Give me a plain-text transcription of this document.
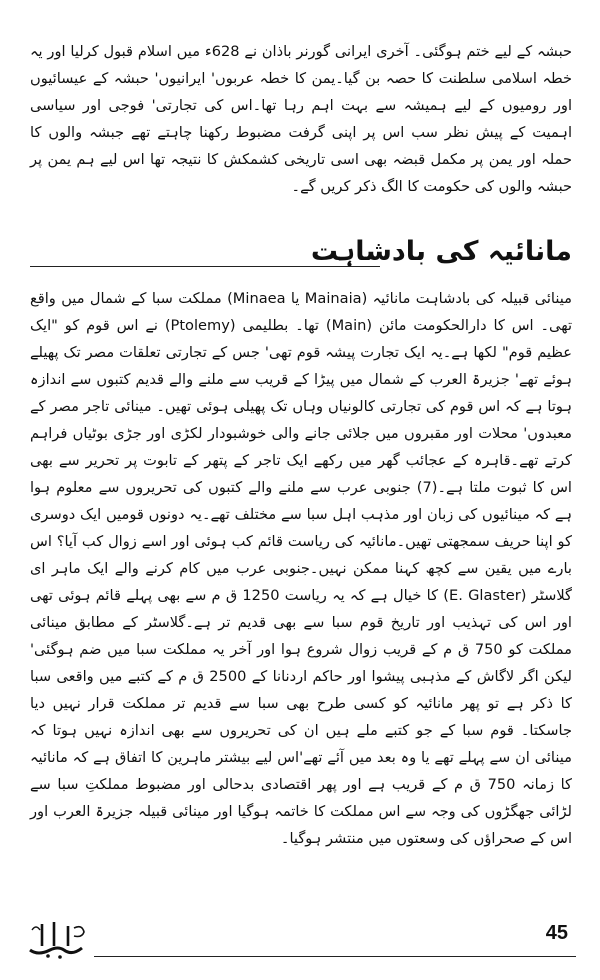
حبشہ کے لیے ختم ہوگئی۔ آخری ایرانی گورنر باذان نے 628ء میں اسلام قبول کرلیا اور یہ خطہ اسلامی سلطنت کا حصہ بن گیا۔یمن کا خطہ عربوں' ایرانیوں' حبشہ کے عیسائیوں اور رومیوں کے لیے ہمیشہ سے بہت اہم رہا تھا۔اس کی تجارتی' فوجی اور سیاسی اہمیت کے پیش نظر سب اس پر اپنی گرفت مضبوط رکھنا چاہتے تھے جبشہ والوں کا حملہ اور یمن پر مکمل قبضہ بھی اسی تاریخی کشمکش کا نتیجہ تھا اس لیے ہم یمن پر حبشہ والوں کی حکومت کا الگ ذکر کریں گے۔

مانائیہ کی بادشاہت

مینائی قبیلہ کی بادشاہت مانائیہ (Mainaia یا Minaea) مملکت سبا کے شمال میں واقع تھی۔ اس کا دارالحکومت مائن (Main) تھا۔ بطلیمی (Ptolemy) نے اس قوم کو "ایک عظیم قوم" لکھا ہے۔یہ ایک تجارت پیشہ قوم تھی' جس کے تجارتی تعلقات مصر تک پھیلے ہوئے تھے' جزیرۃ العرب کے شمال میں پیڑا کے قریب سے ملنے والے قدیم کتبوں سے اندازہ ہوتا ہے کہ اس قوم کی تجارتی کالونیاں وہاں تک پھیلی ہوئی تھیں۔ مینائی تاجر مصر کے معبدوں' محلات اور مقبروں میں جلائی جانے والی خوشبودار لکڑی اور جڑی بوٹیاں فراہم کرتے تھے۔قاہرہ کے عجائب گھر میں رکھے ایک تاجر کے پتھر کے تابوت پر تحریر سے بھی اس کا ثبوت ملتا ہے۔(7) جنوبی عرب سے ملنے والے کتبوں کی تحریروں سے معلوم ہوا ہے کہ مینائیوں کی زبان اور مذہب اہل سبا سے مختلف تھے۔یہ دونوں قومیں ایک دوسری کو اپنا حریف سمجھتی تھیں۔مانائیہ کی ریاست قائم کب ہوئی اور اسے زوال کب آیا؟ اس بارے میں یقین سے کچھ کہنا ممکن نہیں۔جنوبی عرب میں کام کرنے والے ایک ماہر ای گلاسٹر (E. Glaster) کا خیال ہے کہ یہ ریاست 1250 ق م سے بھی پہلے قائم ہوئی تھی اور اس کی تہذیب اور تاریخ قوم سبا سے بھی قدیم تر ہے۔گلاسٹر کے مطابق مینائی مملکت کو 750 ق م کے قریب زوال شروع ہوا اور آخر یہ مملکت سبا میں ضم ہوگئی' لیکن اگر لاگاش کے مذہبی پیشوا اور حاکم اردنانا کے 2500 ق م کے کتبے میں واقعی سبا کا ذکر ہے تو پھر مانائیہ کو کسی طرح بھی سبا سے قدیم تر مملکت قرار نہیں دیا جاسکتا۔ قوم سبا کے جو کتبے ملے ہیں ان کی تحریروں سے بھی اندازہ نہیں ہوتا کہ مینائی ان سے پہلے تھے یا وہ بعد میں آئے تھے'اس لیے بیشتر ماہرین کا اتفاق ہے کہ مانائیہ کا زمانہ 750 ق م کے قریب ہے اور پھر اقتصادی بدحالی اور مضبوط مملکتِ سبا سے لڑائی جھگڑوں کی وجہ سے اس مملکت کا خاتمہ ہوگیا اور مینائی قبیلہ جزیرۃ العرب اور اس کے صحراؤں کی وسعتوں میں منتشر ہوگیا۔

45
